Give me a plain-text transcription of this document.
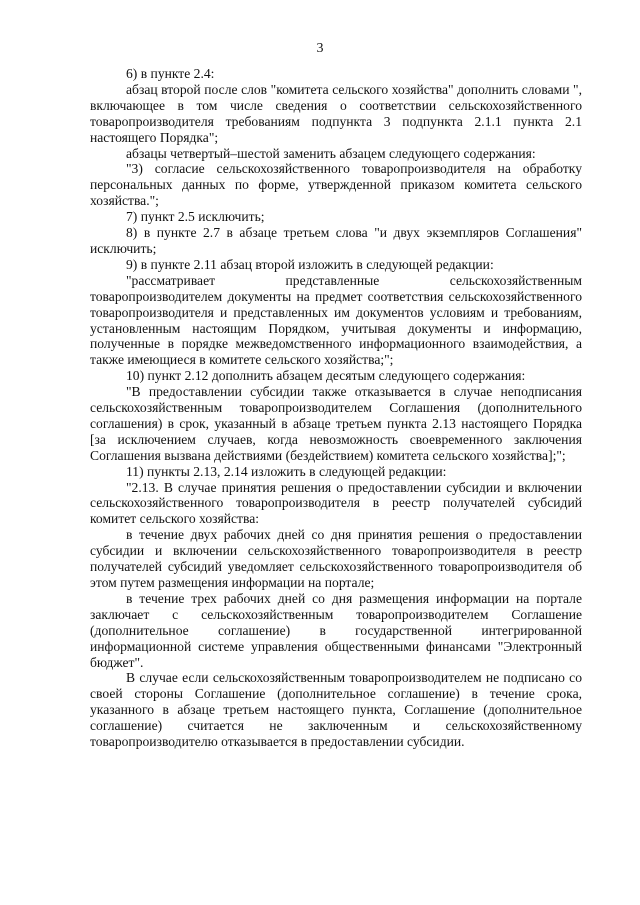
3

6) в пункте 2.4:

абзац второй после слов "комитета сельского хозяйства" дополнить словами ", включающее в том числе сведения о соответствии сельскохозяйственного товаропроизводителя требованиям подпункта 3 подпункта 2.1.1 пункта 2.1 настоящего Порядка";

абзацы четвертый–шестой заменить абзацем следующего содержания:

"3) согласие сельскохозяйственного товаропроизводителя на обработку персональных данных по форме, утвержденной приказом комитета сельского хозяйства.";

7) пункт 2.5 исключить;

8) в пункте 2.7 в абзаце третьем слова "и двух экземпляров Соглашения" исключить;

9) в пункте 2.11 абзац второй изложить в следующей редакции:

"рассматривает представленные сельскохозяйственным товаропроизводителем документы на предмет соответствия сельскохозяйственного товаропроизводителя и представленных им документов условиям и требованиям, установленным настоящим Порядком, учитывая документы и информацию, полученные в порядке межведомственного информационного взаимодействия, а также имеющиеся в комитете сельского хозяйства;";

10) пункт 2.12 дополнить абзацем десятым следующего содержания:

"В предоставлении субсидии также отказывается в случае неподписания сельскохозяйственным товаропроизводителем Соглашения (дополнительного соглашения) в срок, указанный в абзаце третьем пункта 2.13 настоящего Порядка [за исключением случаев, когда невозможность своевременного заключения Соглашения вызвана действиями (бездействием) комитета сельского хозяйства];";

11) пункты 2.13, 2.14 изложить в следующей редакции:

"2.13. В случае принятия решения о предоставлении субсидии и включении сельскохозяйственного товаропроизводителя в реестр получателей субсидий комитет сельского хозяйства:

в течение двух рабочих дней со дня принятия решения о предоставлении субсидии и включении сельскохозяйственного товаропроизводителя в реестр получателей субсидий уведомляет сельскохозяйственного товаропроизводителя об этом путем размещения информации на портале;

в течение трех рабочих дней со дня размещения информации на портале заключает с сельскохозяйственным товаропроизводителем Соглашение (дополнительное соглашение) в государственной интегрированной информационной системе управления общественными финансами "Электронный бюджет".

В случае если сельскохозяйственным товаропроизводителем не подписано со своей стороны Соглашение (дополнительное соглашение) в течение срока, указанного в абзаце третьем настоящего пункта, Соглашение (дополнительное соглашение) считается не заключенным и сельскохозяйственному товаропроизводителю отказывается в предоставлении субсидии.
